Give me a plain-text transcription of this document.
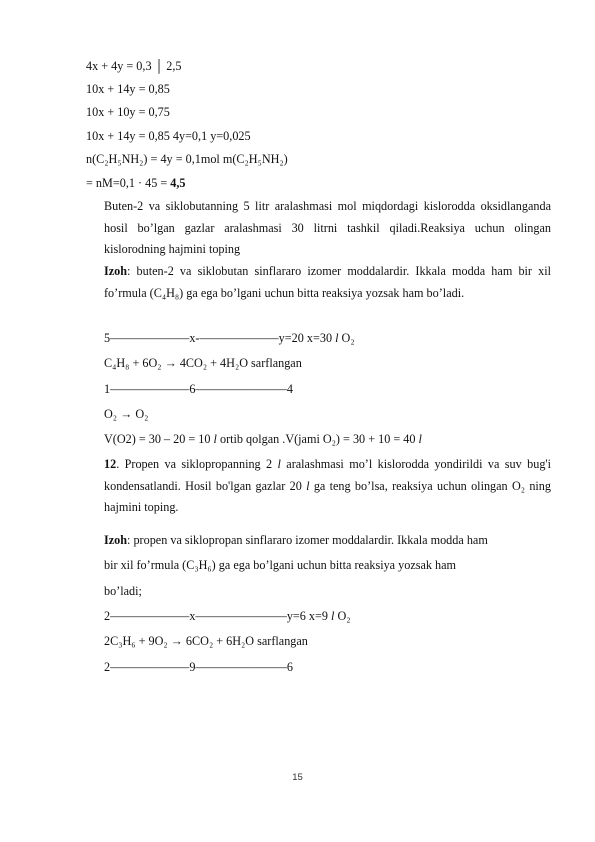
4x + 4y = 0,3 │ 2,5
10x + 14y = 0,85
10x + 10y = 0,75
10x + 14y = 0,85 4y=0,1 y=0,025
n(C₂H₅NH₂) = 4y = 0,1mol m(C₂H₅NH₂)
= nM=0,1 · 45 = 4,5
Buten-2 va siklobutanning 5 litr aralashmasi mol miqdordagi kislorodda oksidlanganda hosil bo’lgan gazlar aralashmasi 30 litrni tashkil qiladi.Reaksiya uchun olingan kislorodning hajmini toping
Izoh: buten-2 va siklobutan sinflararo izomer moddalardir. Ikkala modda ham bir xil fo’rmula (C₄H₈) ga ega bo’lgani uchun bitta reaksiya yozsak ham bo’ladi.
5———–———x-———–———y=20 x=30 l O₂
C₄H₈ + 6O₂ → 4CO₂ + 4H₂O sarflangan
1———–———6————–———4
O₂ → O₂
V(O2) = 30 – 20 = 10 l ortib qolgan .V(jami O₂) = 30 + 10 = 40 l
12. Propen va siklopropanning 2 l aralashmasi mo’l kislorodda yondirildi va suv bug'i kondensatlandi. Hosil bo'lgan gazlar 20 l ga teng bo’lsa, reaksiya uchun olingan O₂ ning hajmini toping.
Izoh: propen va siklopropan sinflararo izomer moddalardir. Ikkala modda ham
bir xil fo’rmula (C₃H₆) ga ega bo’lgani uchun bitta reaksiya yozsak ham
bo’ladi;
2———–———x————–———y=6 x=9 l O₂
2C₃H₆ + 9O₂ → 6CO₂ + 6H₂O sarflangan
2———–———9————–———6
15
